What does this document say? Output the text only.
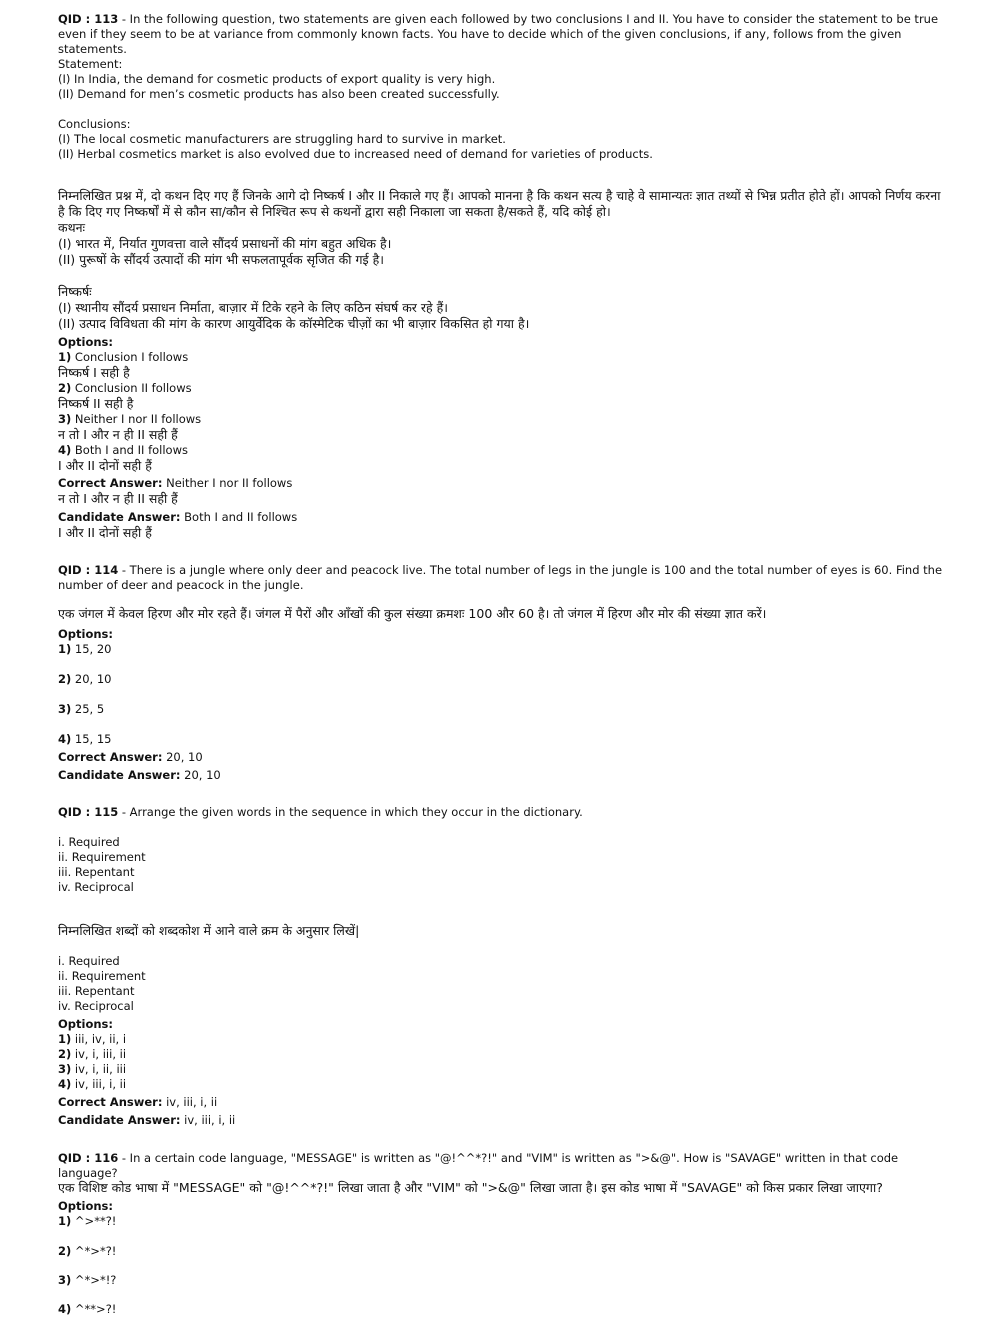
QID : 113 - In the following question, two statements are given each followed by two conclusions I and II. You have to consider the statement to be true even if they seem to be at variance from commonly known facts. You have to decide which of the given conclusions, if any, follows from the given statements.

Statement:

(I) In India, the demand for cosmetic products of export quality is very high.

(II) Demand for men’s cosmetic products has also been created successfully.

Conclusions:

(I) The local cosmetic manufacturers are struggling hard to survive in market.

(II) Herbal cosmetics market is also evolved due to increased need of demand for varieties of products.

निम्नलिखित प्रश्न में, दो कथन दिए गए हैं जिनके आगे दो निष्कर्ष I और II निकाले गए हैं। आपको मानना है कि कथन सत्य है चाहे वे सामान्यतः ज्ञात तथ्यों से भिन्न प्रतीत होते हों। आपको निर्णय करना है कि दिए गए निष्कर्षों में से कौन सा/कौन से निश्चित रूप से कथनों द्वारा सही निकाला जा सकता है/सकते हैं, यदि कोई हो।

कथनः

(I) भारत में, निर्यात गुणवत्ता वाले सौंदर्य प्रसाधनों की मांग बहुत अधिक है।

(II) पुरूषों के सौंदर्य उत्पादों की मांग भी सफलतापूर्वक सृजित की गई है।

निष्कर्षः

(I) स्थानीय सौंदर्य प्रसाधन निर्माता, बाज़ार में टिके रहने के लिए कठिन संघर्ष कर रहे हैं।

(II) उत्पाद विविधता की मांग के कारण आयुर्वेदिक के कॉस्मेटिक चीज़ों का भी बाज़ार विकसित हो गया है।

Options:

1) Conclusion I follows

निष्कर्ष I सही है

2) Conclusion II follows

निष्कर्ष II सही है

3) Neither I nor II follows

न तो I और न ही II सही हैं

4) Both I and II follows

I और II दोनों सही हैं

Correct Answer: Neither I nor II follows

न तो I और न ही II सही हैं

Candidate Answer: Both I and II follows

I और II दोनों सही हैं

QID : 114 - There is a jungle where only deer and peacock live. The total number of legs in the jungle is 100 and the total number of eyes is 60. Find the number of deer and peacock in the jungle.

एक जंगल में केवल हिरण और मोर रहते हैं। जंगल में पैरों और आँखों की कुल संख्या क्रमशः 100 और 60 है। तो जंगल में हिरण और मोर की संख्या ज्ञात करें।

Options:

1) 15, 20

2) 20, 10

3) 25, 5

4) 15, 15

Correct Answer: 20, 10

Candidate Answer: 20, 10

QID : 115 - Arrange the given words in the sequence in which they occur in the dictionary.

i. Required

ii. Requirement

iii. Repentant

iv. Reciprocal

निम्नलिखित शब्दों को शब्दकोश में आने वाले क्रम के अनुसार लिखें|

i. Required

ii. Requirement

iii. Repentant

iv. Reciprocal

Options:

1) iii, iv, ii, i

2) iv, i, iii, ii

3) iv, i, ii, iii

4) iv, iii, i, ii

Correct Answer: iv, iii, i, ii

Candidate Answer: iv, iii, i, ii

QID : 116 - In a certain code language, "MESSAGE" is written as "@!^^*?!" and "VIM" is written as ">&@". How is "SAVAGE" written in that code language?

एक विशिष्ट कोड भाषा में "MESSAGE" को "@!^^*?!" लिखा जाता है और "VIM" को ">&@" लिखा जाता है। इस कोड भाषा में "SAVAGE" को किस प्रकार लिखा जाएगा?

Options:

1) ^>**?!

2) ^*>*?!

3) ^*>*!?

4) ^**>?!
